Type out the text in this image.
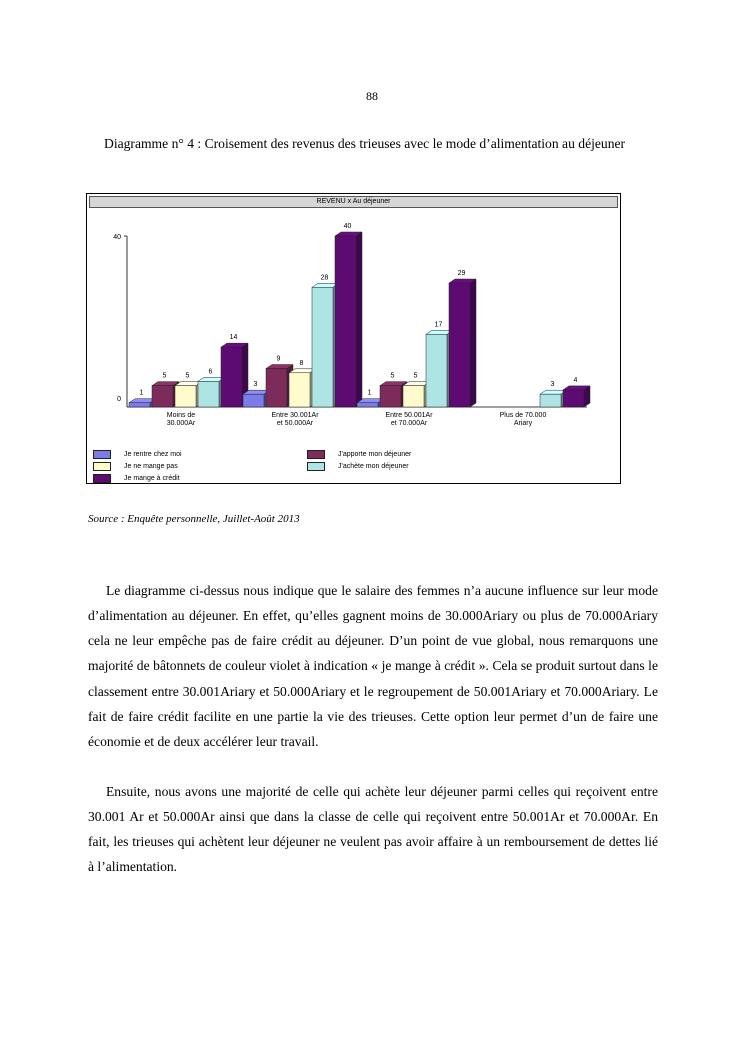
88
Diagramme n° 4 : Croisement des revenus des trieuses avec le mode d’alimentation au déjeuner
REVENU x Au déjeuner
40
0
1
5	5
6
14
Moins de 30.000Ar
3
9
8
28
40
Entre 30.001Ar et 50.000Ar
1
5	5
17
29
Entre 50.001Ar et 70.000Ar
3
4
Plus de 70.000 Ariary
Je rentre chez moi	J'apporte mon déjeuner
Je ne mange pas	J'achète mon déjeuner
Je mange à crédit
Source : Enquête personnelle, Juillet-Août 2013

Le diagramme ci-dessus nous indique que le salaire des femmes n’a aucune influence sur leur mode d’alimentation au déjeuner. En effet, qu’elles gagnent moins de 30.000Ariary ou plus de 70.000Ariary cela ne leur empêche pas de faire crédit au déjeuner. D’un point de vue global, nous remarquons une majorité de bâtonnets de couleur violet à indication « je mange à crédit ». Cela se produit surtout dans le classement entre 30.001Ariary et 50.000Ariary et le regroupement de 50.001Ariary et 70.000Ariary. Le fait de faire crédit facilite en une partie la vie des trieuses. Cette option leur permet d’un de faire une économie et de deux accélérer leur travail.

Ensuite, nous avons une majorité de celle qui achète leur déjeuner parmi celles qui reçoivent entre 30.001 Ar et 50.000Ar ainsi que dans la classe de celle qui reçoivent entre 50.001Ar et 70.000Ar. En fait, les trieuses qui achètent leur déjeuner ne veulent pas avoir affaire à un remboursement de dettes lié à l’alimentation.
